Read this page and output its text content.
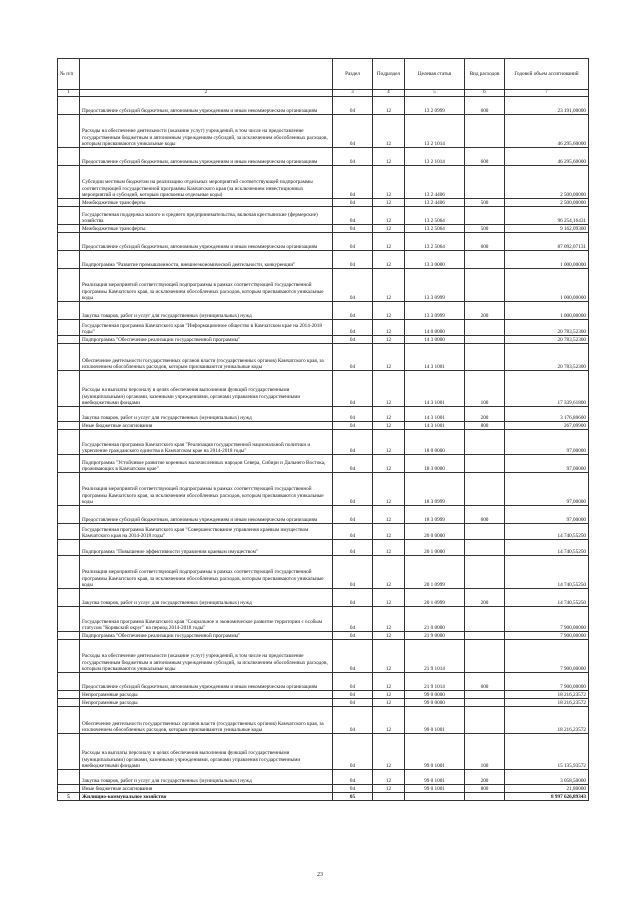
№ п/п		Раздел	Подраздел	Целевая статья	Вид расходов	Годовой объем ассигнований
1	2	3	4	5	6	7
	Предоставление субсидий бюджетным, автономным учреждениям и иным некоммерческим организациям	04	12	13 2 0999	600	23 191,00000
	Расходы на обеспечение деятельности (оказание услуг) учреждений, в том числе на предоставление государственным бюджетным и автономным учреждениям субсидий, за исключением обособленных расходов, которым присваиваются уникальные коды	04	12	13 2 1014		46 295,60000
	Предоставление субсидий бюджетным, автономным учреждениям и иным некоммерческим организациям	04	12	13 2 1014	600	46 295,60000
	Субсидии местным бюджетам на реализацию отдельных мероприятий соответствующей подпрограммы соответствующей государственной программы Камчатского края (за исключением инвестиционных мероприятий и субсидий, которым присвоены отдельные коды)	04	12	13 2 4406		2 500,00000
	Межбюджетные трансферты	04	12	13 2 4406	500	2 500,00000
	Государственная поддержка малого и среднего предпринимательства, включая крестьянские (фермерские) хозяйства	04	12	13 2 5064		96 254,16431
	Межбюджетные трансферты	04	12	13 2 5064	500	9 162,09300
	Предоставление субсидий бюджетным, автономным учреждениям и иным некоммерческим организациям	04	12	13 2 5064	600	87 092,07131
	Подпрограмма "Развитие промышленности, внешнеэкономической деятельности, конкуренции"	04	12	13 3 0000		1 000,00000
	Реализация мероприятий соответствующей подпрограммы в рамках соответствующей государственной программы Камчатского края, за исключением обособленных расходов, которым присваиваются уникальные коды	04	12	13 3 0999		1 000,00000
	Закупка товаров, работ и услуг для государственных (муниципальных) нужд	04	12	13 3 0999	200	1 000,00000
	Государственная программа Камчатского края "Информационное общество в Камчатском крае на 2014-2018 годы"	04	12	14 0 0000		20 783,52300
	Подпрограмма "Обеспечение реализации государственной программы"	04	12	14 3 0000		20 783,52300
	Обеспечение деятельности государственных органов власти (государственных органов) Камчатского края, за исключением обособленных расходов, которым присваиваются уникальные коды	04	12	14 3 1001		20 783,52300
	Расходы на выплаты персоналу в целях обеспечения выполнения функций государственными (муниципальными) органами, казенными учреждениями, органами управления государственными внебюджетными фондами	04	12	14 3 1001	100	17 339,61800
	Закупка товаров, работ и услуг для государственных (муниципальных) нужд	04	12	14 3 1001	200	3 176,80600
	Иные бюджетные ассигнования	04	12	14 3 1001	800	267,09900
	Государственная программа Камчатского края "Реализация государственной национальной политики и укрепление гражданского единства в Камчатском крае на 2014-2018 годы"	04	12	18 0 0000		97,00000
	Подпрограмма "Устойчивое развитие коренных малочисленных народов Севера, Сибири и Дальнего Востока, проживающих в Камчатском крае"	04	12	18 3 0000		97,00000
	Реализация мероприятий соответствующей подпрограммы в рамках соответствующей государственной программы Камчатского края, за исключением обособленных расходов, которым присваиваются уникальные коды	04	12	18 3 0999		97,00000
	Предоставление субсидий бюджетным, автономным учреждениям и иным некоммерческим организациям	04	12	18 3 0999	600	97,00000
	Государственная программа Камчатского края "Совершенствование управления краевым имуществом Камчатского края на 2014-2018 годы"	04	12	20 0 0000		14 740,55250
	Подпрограмма "Повышение эффективности управления краевым имуществом"	04	12	20 1 0000		14 740,55250
	Реализация мероприятий соответствующей подпрограммы в рамках соответствующей государственной программы Камчатского края, за исключением обособленных расходов, которым присваиваются уникальные коды	04	12	20 1 0999		14 740,55250
	Закупка товаров, работ и услуг для государственных (муниципальных) нужд	04	12	20 1 0999	200	14 740,55250
	Государственная программа Камчатского края "Социальное и экономическое развитие территории с особым статусом "Корякский округ" на период 2014-2018 годы"	04	12	21 0 0000		7 900,00000
	Подпрограмма "Обеспечение реализации государственной программы"	04	12	21 9 0000		7 900,00000
	Расходы на обеспечение деятельности (оказание услуг) учреждений, в том числе на предоставление государственным бюджетным и автономным учреждениям субсидий, за исключением обособленных расходов, которым присваиваются уникальные коды	04	12	21 9 1014		7 900,00000
	Предоставление субсидий бюджетным, автономным учреждениям и иным некоммерческим организациям	04	12	21 9 1014	600	7 900,00000
	Непрограммные расходы	04	12	99 0 0000		18 216,23572
	Непрограммные расходы	04	12	99 0 0000		18 216,23572
	Обеспечение деятельности государственных органов власти (государственных органов) Камчатского края, за исключением обособленных расходов, которым присваиваются уникальные коды	04	12	99 0 1001		18 216,23572
	Расходы на выплаты персоналу в целях обеспечения выполнения функций государственными (муниципальными) органами, казенными учреждениями, органами управления государственными внебюджетными фондами	04	12	99 0 1001	100	15 135,93572
	Закупка товаров, работ и услуг для государственных (муниципальных) нужд	04	12	99 0 1001	200	3 058,50000
	Иные бюджетные ассигнования	04	12	99 0 1001	800	21,80000
5	Жилищно-коммунальное хозяйство	05				8 997 626,89343
23
